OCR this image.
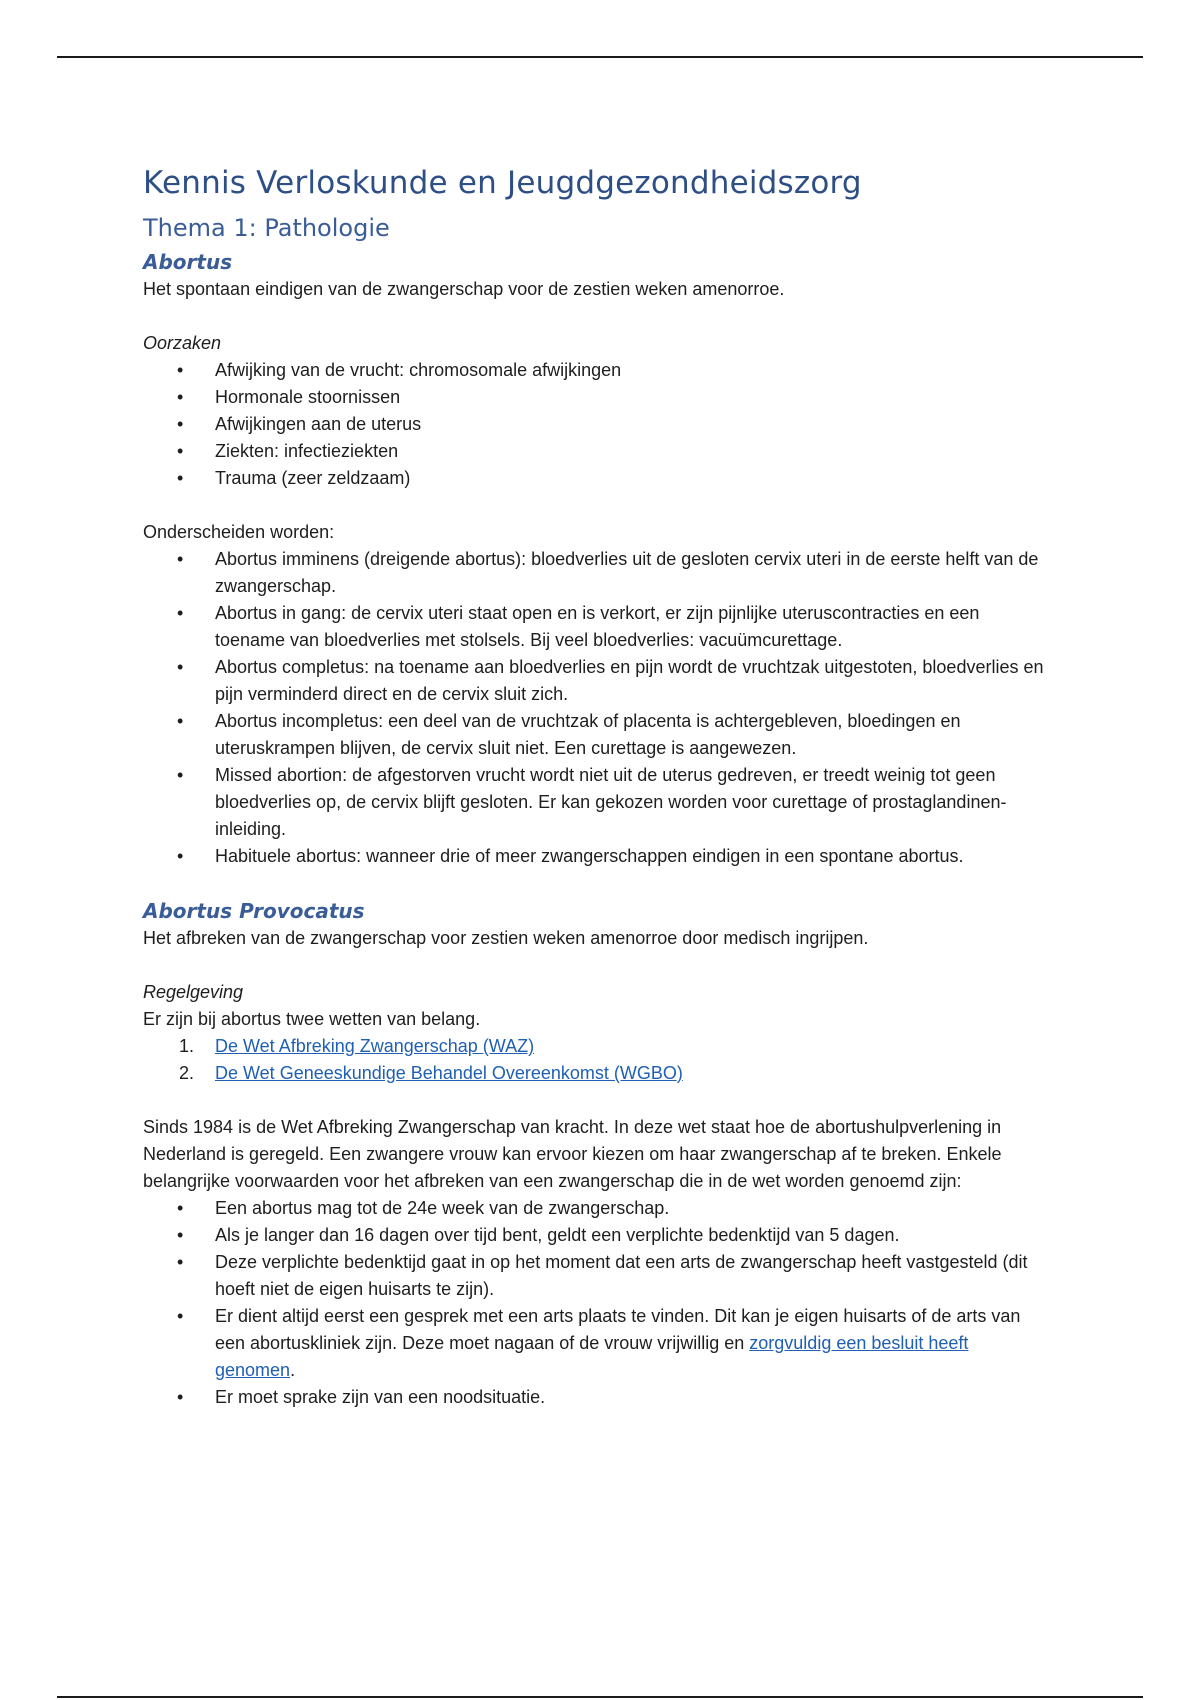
Kennis Verloskunde en Jeugdgezondheidszorg
Thema 1: Pathologie
Abortus

Het spontaan eindigen van de zwangerschap voor de zestien weken amenorroe.

Oorzaken

• Afwijking van de vrucht: chromosomale afwijkingen
• Hormonale stoornissen
• Afwijkingen aan de uterus
• Ziekten: infectieziekten
• Trauma (zeer zeldzaam)

Onderscheiden worden:

• Abortus imminens (dreigende abortus): bloedverlies uit de gesloten cervix uteri in de eerste helft van de zwangerschap.
• Abortus in gang: de cervix uteri staat open en is verkort, er zijn pijnlijke uteruscontracties en een toename van bloedverlies met stolsels. Bij veel bloedverlies: vacuümcurettage.
• Abortus completus: na toename aan bloedverlies en pijn wordt de vruchtzak uitgestoten, bloedverlies en pijn verminderd direct en de cervix sluit zich.
• Abortus incompletus: een deel van de vruchtzak of placenta is achtergebleven, bloedingen en uteruskrampen blijven, de cervix sluit niet. Een curettage is aangewezen.
• Missed abortion: de afgestorven vrucht wordt niet uit de uterus gedreven, er treedt weinig tot geen bloedverlies op, de cervix blijft gesloten. Er kan gekozen worden voor curettage of prostaglandinen-inleiding.
• Habituele abortus: wanneer drie of meer zwangerschappen eindigen in een spontane abortus.
Abortus Provocatus

Het afbreken van de zwangerschap voor zestien weken amenorroe door medisch ingrijpen.

Regelgeving

Er zijn bij abortus twee wetten van belang.

1. De Wet Afbreking Zwangerschap (WAZ)
2. De Wet Geneeskundige Behandel Overeenkomst (WGBO)

Sinds 1984 is de Wet Afbreking Zwangerschap van kracht. In deze wet staat hoe de abortushulpverlening in Nederland is geregeld. Een zwangere vrouw kan ervoor kiezen om haar zwangerschap af te breken. Enkele belangrijke voorwaarden voor het afbreken van een zwangerschap die in de wet worden genoemd zijn:

• Een abortus mag tot de 24e week van de zwangerschap.
• Als je langer dan 16 dagen over tijd bent, geldt een verplichte bedenktijd van 5 dagen.
• Deze verplichte bedenktijd gaat in op het moment dat een arts de zwangerschap heeft vastgesteld (dit hoeft niet de eigen huisarts te zijn).
• Er dient altijd eerst een gesprek met een arts plaats te vinden. Dit kan je eigen huisarts of de arts van een abortuskliniek zijn. Deze moet nagaan of de vrouw vrijwillig en zorgvuldig een besluit heeft genomen.
• Er moet sprake zijn van een noodsituatie.
